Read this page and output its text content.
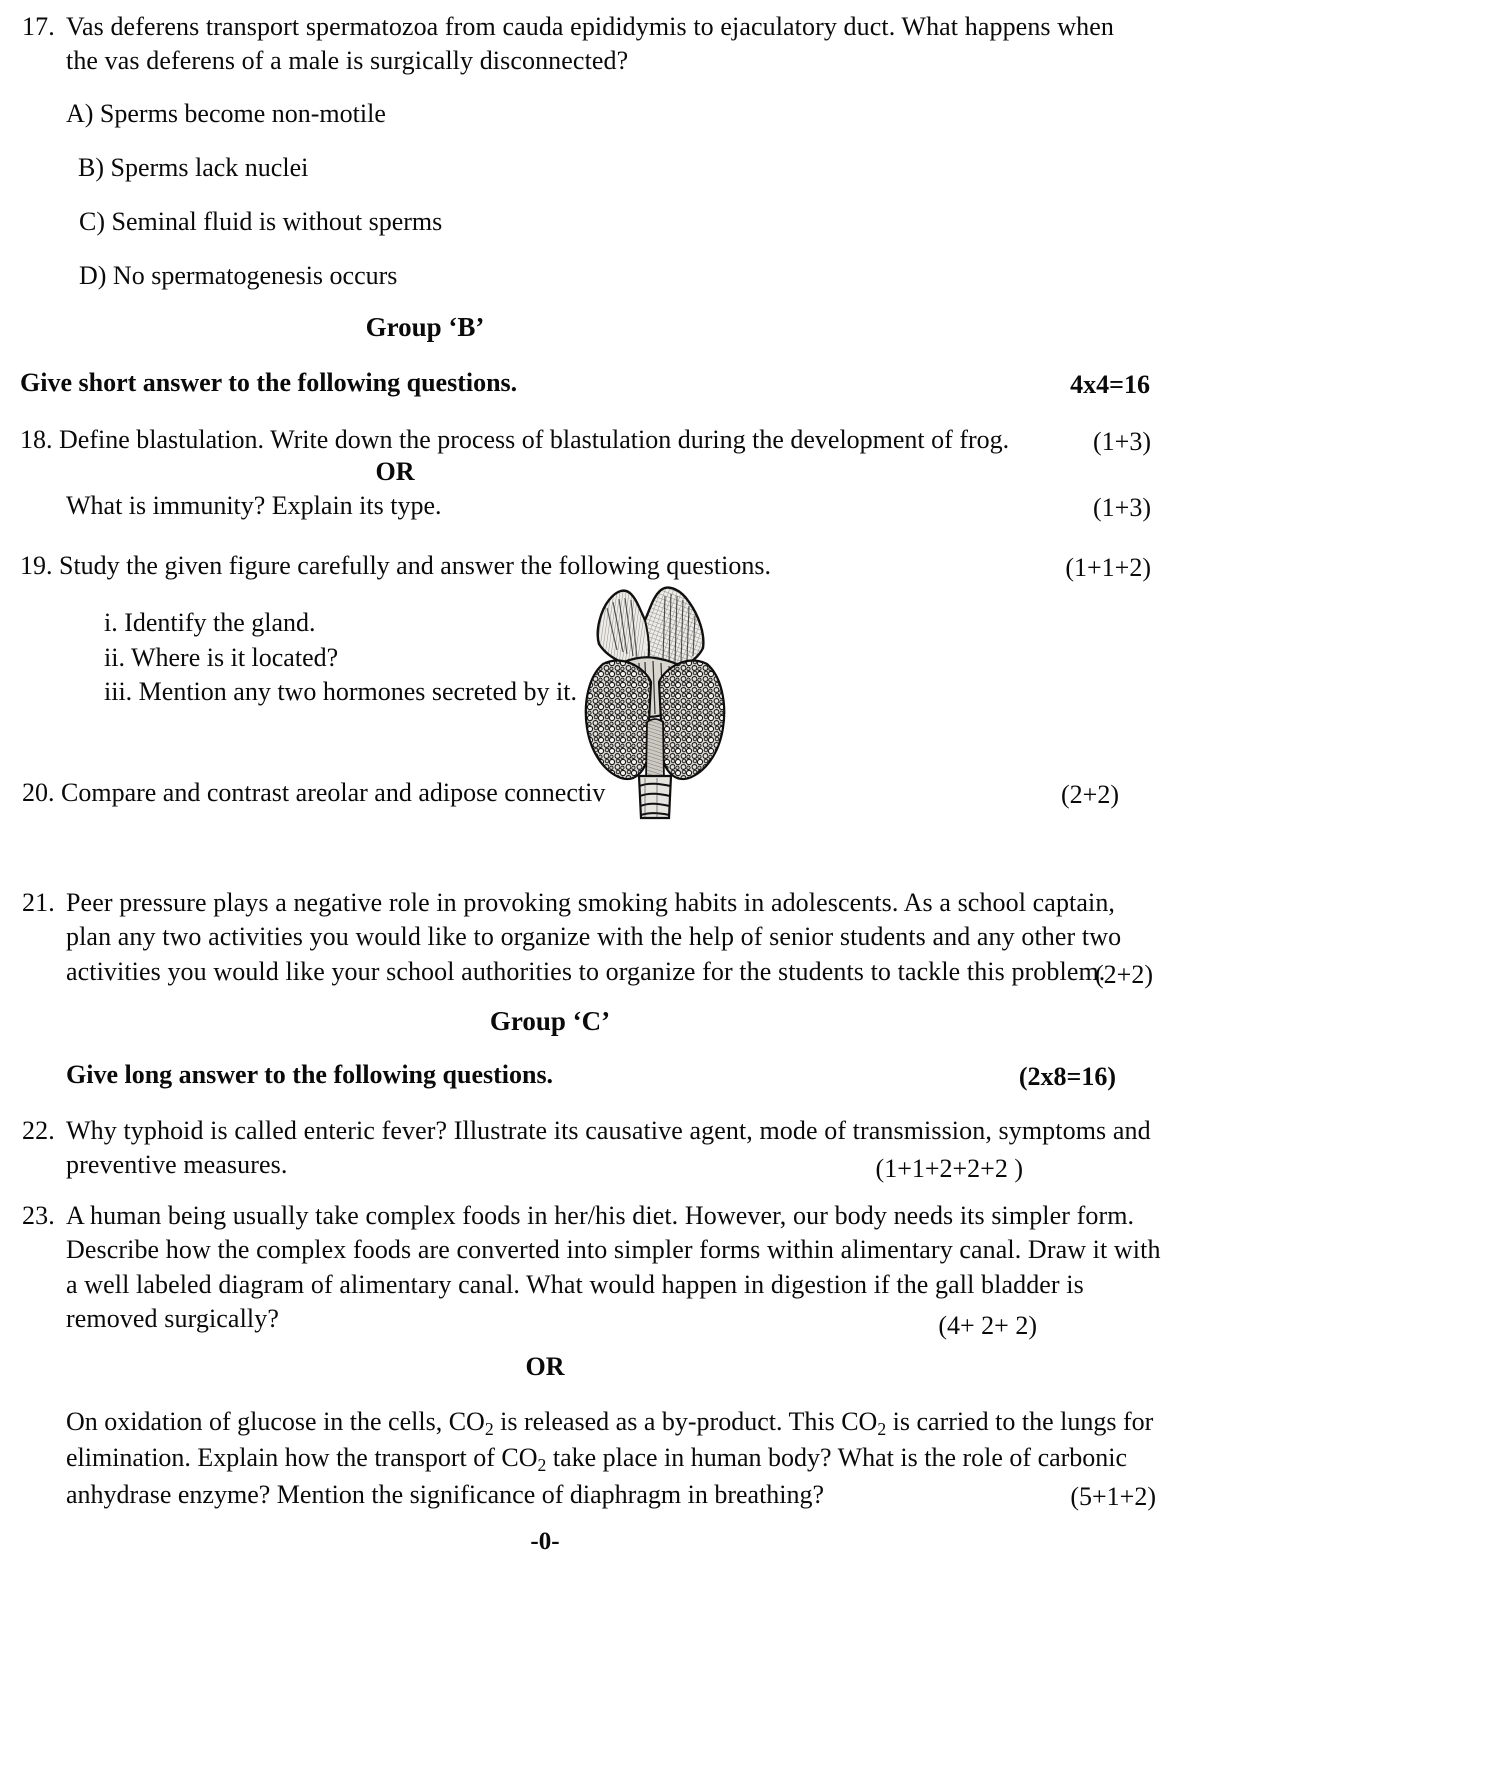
17. Vas deferens transport spermatozoa from cauda epididymis to ejaculatory duct. What happens when the vas deferens of a male is surgically disconnected?
A) Sperms become non-motile
B) Sperms lack nuclei
C) Seminal fluid is without sperms
D) No spermatogenesis occurs
Group ‘B’
Give short answer to the following questions.	4x4=16
18. Define blastulation. Write down the process of blastulation during the development of frog.	(1+3)
OR
What is immunity? Explain its type.	(1+3)
19. Study the given figure carefully and answer the following questions.	(1+1+2)
i. Identify the gland.
ii. Where is it located?
iii. Mention any two hormones secreted by it.
20. Compare and contrast areolar and adipose connectiv	(2+2)
21. Peer pressure plays a negative role in provoking smoking habits in adolescents. As a school captain, plan any two activities you would like to organize with the help of senior students and any other two activities you would like your school authorities to organize for the students to tackle this problem.
(2+2)
Group ‘C’
Give long answer to the following questions.	(2x8=16)
22. Why typhoid is called enteric fever? Illustrate its causative agent, mode of transmission, symptoms and preventive measures.	(1+1+2+2+2 )
23. A human being usually take complex foods in her/his diet. However, our body needs its simpler form. Describe how the complex foods are converted into simpler forms within alimentary canal. Draw it with a well labeled diagram of alimentary canal. What would happen in digestion if the gall bladder is removed surgically?	(4+ 2+ 2)
OR
On oxidation of glucose in the cells, $CO_2$ is released as a by-product. This $CO_2$ is carried to the lungs for elimination. Explain how the transport of $CO_2$ take place in human body? What is the role of carbonic anhydrase enzyme? Mention the significance of diaphragm in breathing?	(5+1+2)
-0-
